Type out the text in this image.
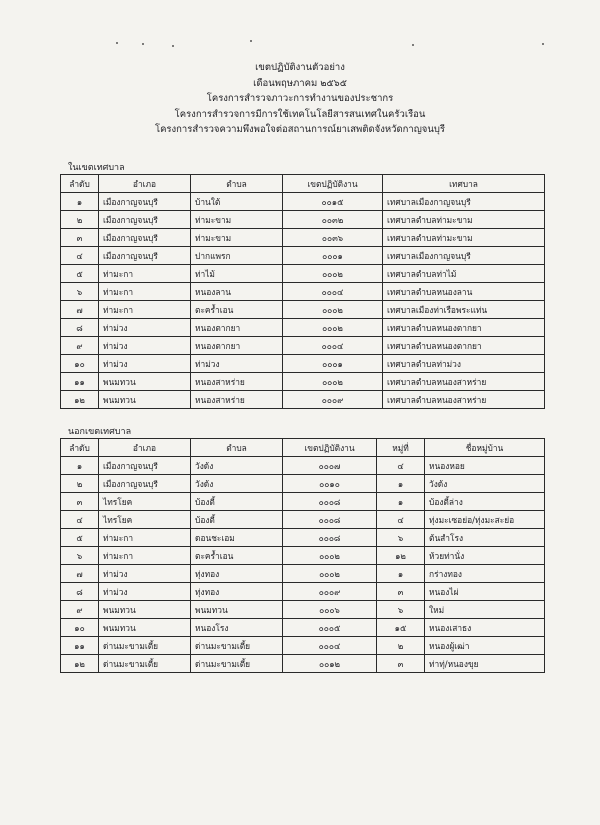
เขตปฏิบัติงานตัวอย่าง
เดือนพฤษภาคม ๒๕๖๕
โครงการสำรวจภาวะการทำงานของประชากร
โครงการสำรวจการมีการใช้เทคโนโลยีสารสนเทศในครัวเรือน
โครงการสำรวจความพึงพอใจต่อสถานการณ์ยาเสพติดจังหวัดกาญจนบุรี
ในเขตเทศบาล
ลำดับ	อำเภอ	ตำบล	เขตปฏิบัติงาน	เทศบาล
๑	เมืองกาญจนบุรี	บ้านใต้	๐๐๑๕	เทศบาลเมืองกาญจนบุรี
๒	เมืองกาญจนบุรี	ท่ามะขาม	๐๐๓๒	เทศบาลตำบลท่ามะขาม
๓	เมืองกาญจนบุรี	ท่ามะขาม	๐๐๓๖	เทศบาลตำบลท่ามะขาม
๔	เมืองกาญจนบุรี	ปากแพรก	๐๐๐๑	เทศบาลเมืองกาญจนบุรี
๕	ท่ามะกา	ท่าไม้	๐๐๐๒	เทศบาลตำบลท่าไม้
๖	ท่ามะกา	หนองลาน	๐๐๐๔	เทศบาลตำบลหนองลาน
๗	ท่ามะกา	ตะคร้ำเอน	๐๐๐๒	เทศบาลเมืองท่าเรือพระแท่น
๘	ท่าม่วง	หนองตากยา	๐๐๐๒	เทศบาลตำบลหนองตากยา
๙	ท่าม่วง	หนองตากยา	๐๐๐๔	เทศบาลตำบลหนองตากยา
๑๐	ท่าม่วง	ท่าม่วง	๐๐๐๑	เทศบาลตำบลท่าม่วง
๑๑	พนมทวน	หนองสาหร่าย	๐๐๐๒	เทศบาลตำบลหนองสาหร่าย
๑๒	พนมทวน	หนองสาหร่าย	๐๐๐๙	เทศบาลตำบลหนองสาหร่าย
นอกเขตเทศบาล
ลำดับ	อำเภอ	ตำบล	เขตปฏิบัติงาน	หมู่ที่	ชื่อหมู่บ้าน
๑	เมืองกาญจนบุรี	วังด้ง	๐๐๐๗	๔	หนองหอย
๒	เมืองกาญจนบุรี	วังด้ง	๐๐๑๐	๑	วังด้ง
๓	ไทรโยค	บ้องตี้	๐๐๐๘	๑	บ้องตี้ล่าง
๔	ไทรโยค	บ้องตี้	๐๐๐๘	๔	ทุ่งมะเซอย่อ/ทุ่งมะสะย่อ
๕	ท่ามะกา	ดอนชะเอม	๐๐๐๘	๖	ต้นสำโรง
๖	ท่ามะกา	ตะคร้ำเอน	๐๐๐๒	๑๒	ห้วยท่านั่ง
๗	ท่าม่วง	ทุ่งทอง	๐๐๐๒	๑	กร่างทอง
๘	ท่าม่วง	ทุ่งทอง	๐๐๐๙	๓	หนองไผ่
๙	พนมทวน	พนมทวน	๐๐๐๖	๖	ใหม่
๑๐	พนมทวน	หนองโรง	๐๐๐๕	๑๕	หนองเสาธง
๑๑	ด่านมะขามเตี้ย	ด่านมะขามเตี้ย	๐๐๐๔	๒	หนองผู้เฒ่า
๑๒	ด่านมะขามเตี้ย	ด่านมะขามเตี้ย	๐๐๑๒	๓	ท่าทุ่/หนองขุย
